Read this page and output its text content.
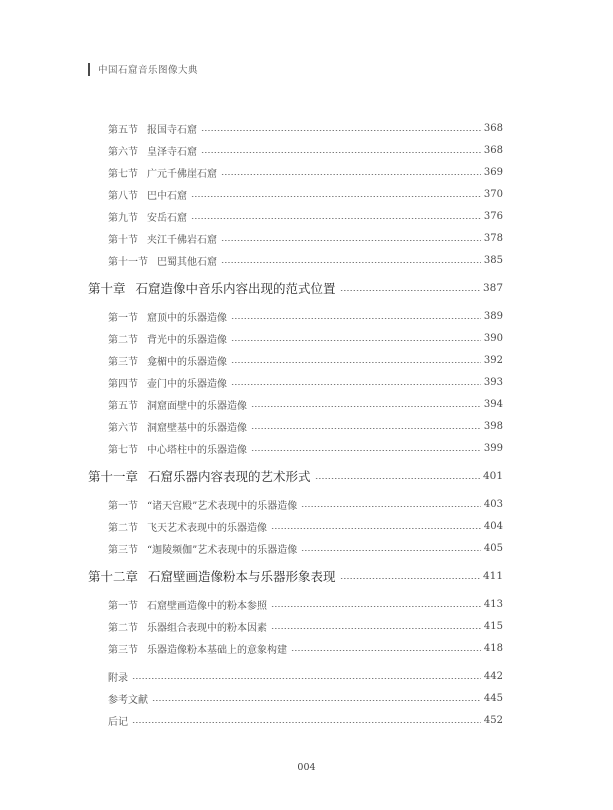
中国石窟音乐图像大典
第五节 报国寺石窟	368
第六节 皇泽寺石窟	368
第七节 广元千佛崖石窟	369
第八节 巴中石窟	370
第九节 安岳石窟	376
第十节 夹江千佛岩石窟	378
第十一节 巴蜀其他石窟	385
第十章 石窟造像中音乐内容出现的范式位置	387
第一节 窟顶中的乐器造像	389
第二节 背光中的乐器造像	390
第三节 龛楣中的乐器造像	392
第四节 壶门中的乐器造像	393
第五节 洞窟面壁中的乐器造像	394
第六节 洞窟壁基中的乐器造像	398
第七节 中心塔柱中的乐器造像	399
第十一章 石窟乐器内容表现的艺术形式	401
第一节 “诸天宫殿”艺术表现中的乐器造像	403
第二节 飞天艺术表现中的乐器造像	404
第三节 “迦陵频伽”艺术表现中的乐器造像	405
第十二章 石窟壁画造像粉本与乐器形象表现	411
第一节 石窟壁画造像中的粉本参照	413
第二节 乐器组合表现中的粉本因素	415
第三节 乐器造像粉本基础上的意象构建	418
附录	442
参考文献	445
后记	452
004
